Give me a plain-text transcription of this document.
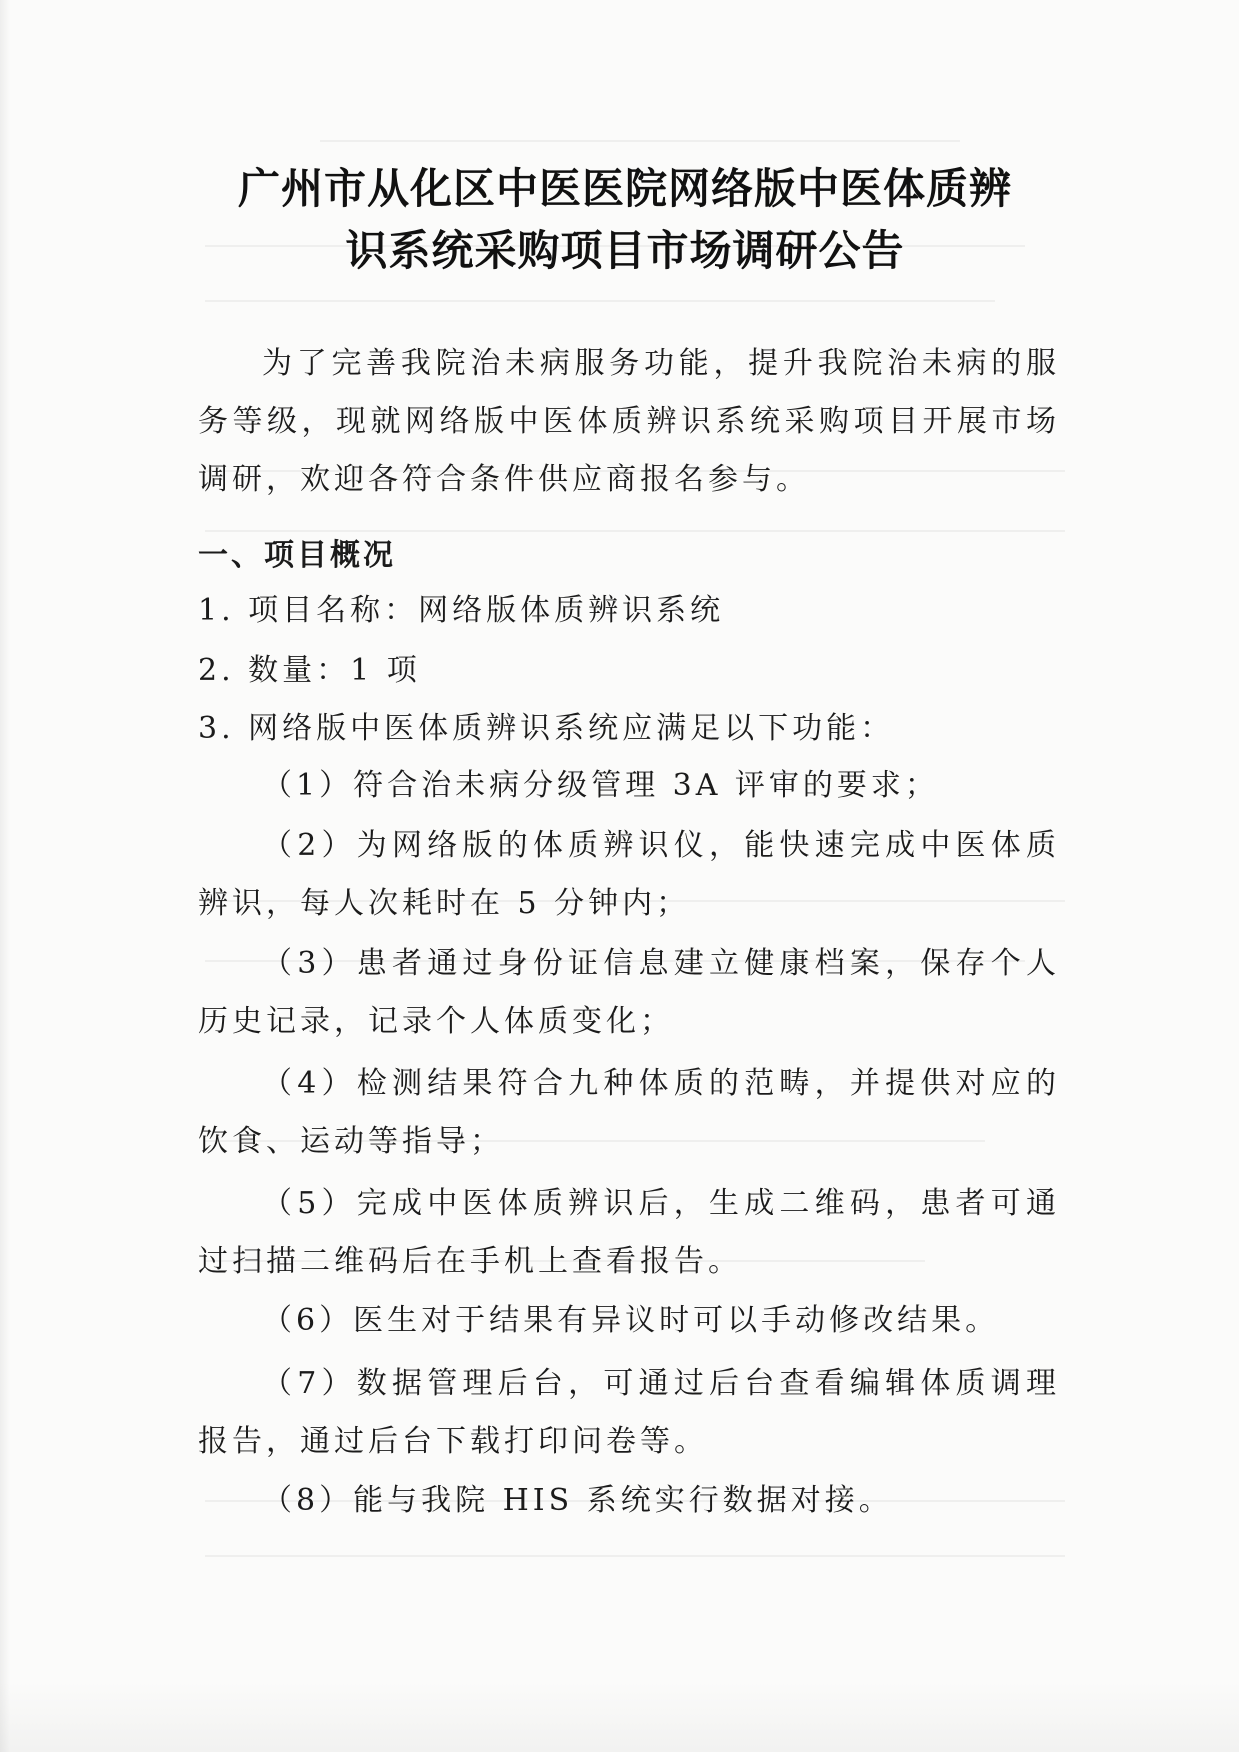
广州市从化区中医医院网络版中医体质辨
识系统采购项目市场调研公告

为了完善我院治未病服务功能，提升我院治未病的服务等级，现就网络版中医体质辨识系统采购项目开展市场调研，欢迎各符合条件供应商报名参与。

一、项目概况
1. 项目名称：网络版体质辨识系统
2. 数量：1 项
3. 网络版中医体质辨识系统应满足以下功能：
（1）符合治未病分级管理 3A 评审的要求；

（2）为网络版的体质辨识仪，能快速完成中医体质辨识，每人次耗时在 5 分钟内；

（3）患者通过身份证信息建立健康档案，保存个人历史记录，记录个人体质变化；

（4）检测结果符合九种体质的范畴，并提供对应的饮食、运动等指导；

（5）完成中医体质辨识后，生成二维码，患者可通过扫描二维码后在手机上查看报告。

（6）医生对于结果有异议时可以手动修改结果。

（7）数据管理后台，可通过后台查看编辑体质调理报告，通过后台下载打印问卷等。

（8）能与我院 HIS 系统实行数据对接。
